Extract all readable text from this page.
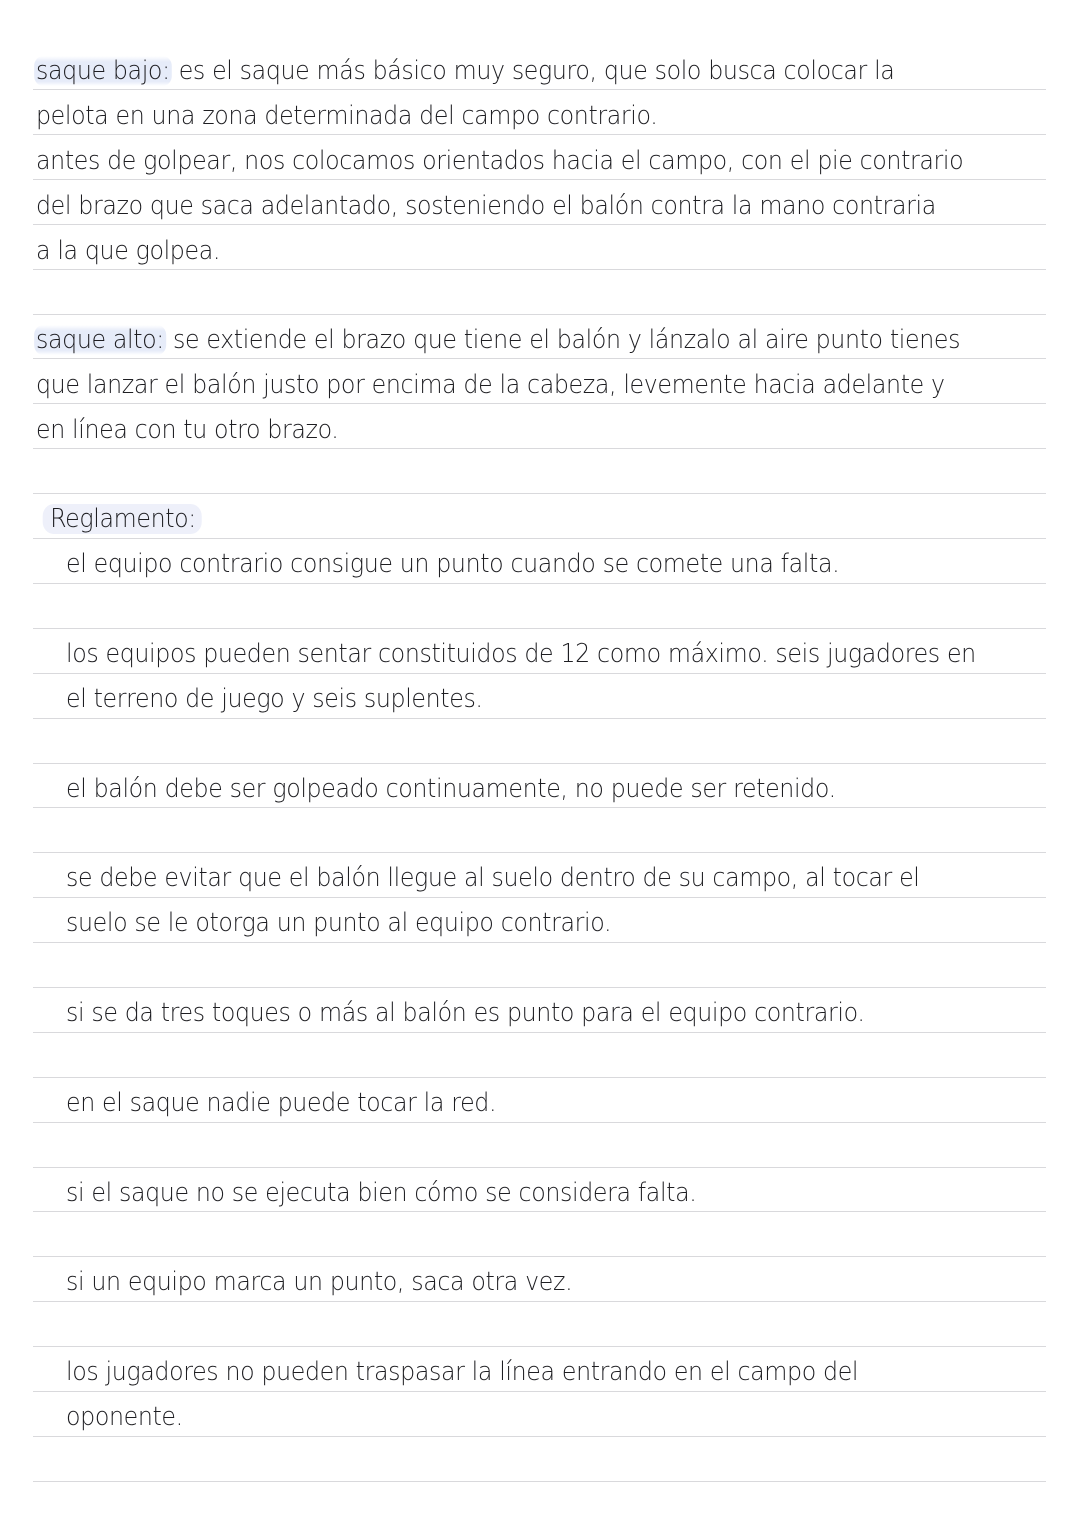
saque bajo: es el saque más básico muy seguro, que solo busca colocar la
pelota en una zona determinada del campo contrario.
antes de golpear, nos colocamos orientados hacia el campo, con el pie contrario
del brazo que saca adelantado, sosteniendo el balón contra la mano contraria
a la que golpea.
saque alto: se extiende el brazo que tiene el balón y lánzalo al aire punto tienes
que lanzar el balón justo por encima de la cabeza, levemente hacia adelante y
en línea con tu otro brazo.
Reglamento:
el equipo contrario consigue un punto cuando se comete una falta.
los equipos pueden sentar constituidos de 12 como máximo. seis jugadores en
el terreno de juego y seis suplentes.
el balón debe ser golpeado continuamente, no puede ser retenido.
se debe evitar que el balón llegue al suelo dentro de su campo, al tocar el
suelo se le otorga un punto al equipo contrario.
si se da tres toques o más al balón es punto para el equipo contrario.
en el saque nadie puede tocar la red.
si el saque no se ejecuta bien cómo se considera falta.
si un equipo marca un punto, saca otra vez.
los jugadores no pueden traspasar la línea entrando en el campo del
oponente.
